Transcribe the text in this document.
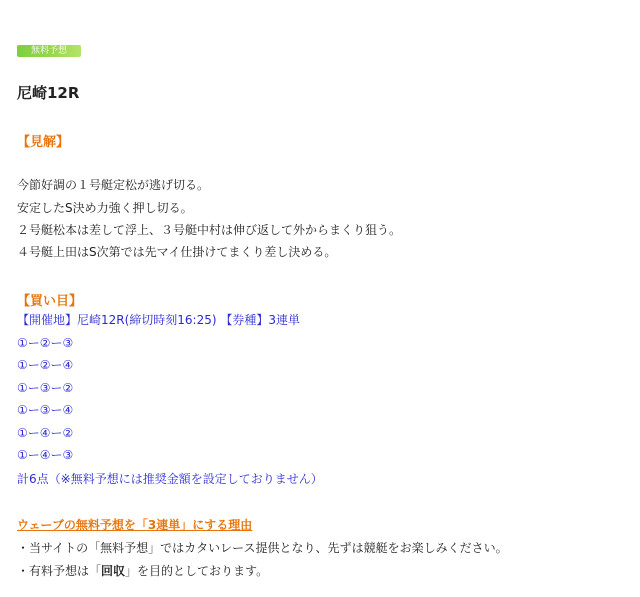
無料予想
尼崎12R
【見解】
今節好調の１号艇定松が逃げ切る。
安定したS決め力強く押し切る。
２号艇松本は差して浮上、３号艇中村は伸び返して外からまくり狙う。
４号艇上田はS次第では先マイ仕掛けてまくり差し決める。
【買い目】
【開催地】尼崎12R(締切時刻16:25) 【券種】3連単
①ー②ー③
①ー②ー④
①ー③ー②
①ー③ー④
①ー④ー②
①ー④ー③
計6点（※無料予想には推奨金額を設定しておりません）
ウェーブの無料予想を「3連単」にする理由
・当サイトの「無料予想」ではカタいレース提供となり、先ずは競艇をお楽しみください。
・有料予想は「回収」を目的としております。
